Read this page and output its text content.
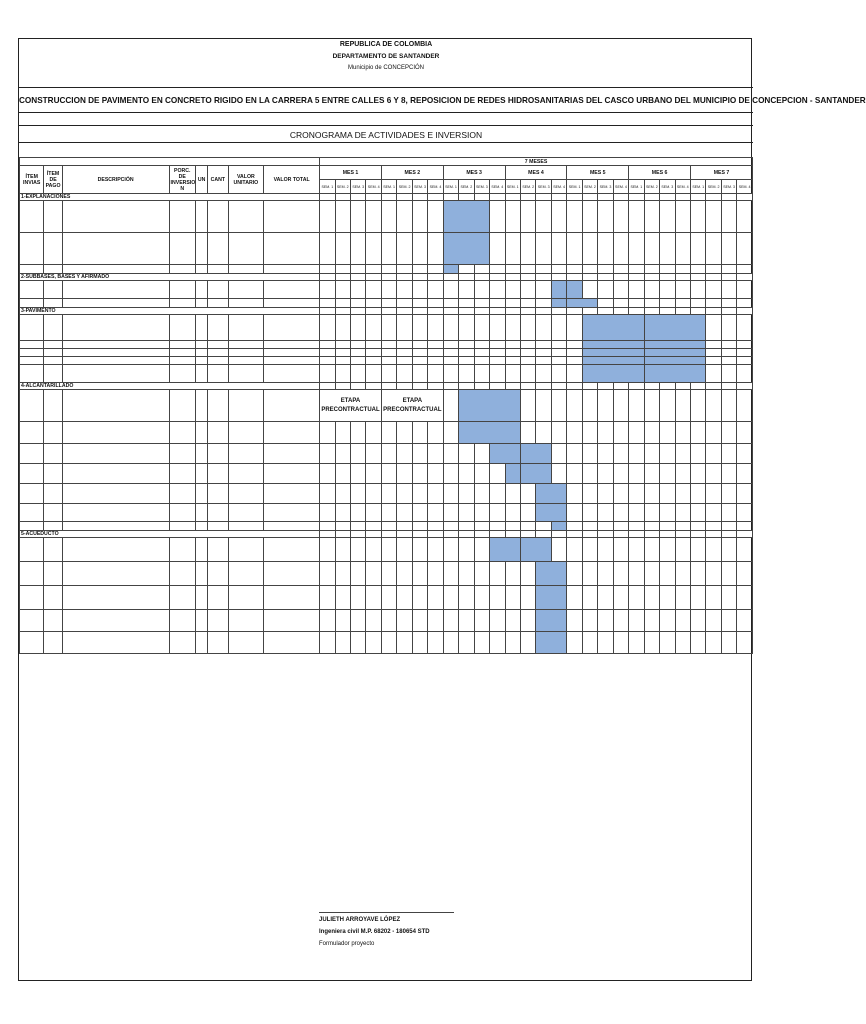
REPUBLICA DE COLOMBIA
DEPARTAMENTO DE SANTANDER
Municipio de CONCEPCIÓN
CONSTRUCCION DE PAVIMENTO EN CONCRETO RIGIDO EN LA CARRERA 5 ENTRE CALLES 6 Y 8, REPOSICION DE REDES HIDROSANITARIAS DEL CASCO URBANO DEL MUNICIPIO DE CONCEPCION - SANTANDER
CRONOGRAMA DE ACTIVIDADES E INVERSION
								7 MESES																											
ÍTEM INVIAS	ÍTEM DE PAGO	DESCRIPCIÓN	PORC. DE INVERSIO N	UN	CANT	VALOR UNITARIO	VALOR TOTAL	MES 1				MES 2				MES 3				MES 4				MES 5				MES 6				MES 7			
								SEM. 1	SEM. 2	SEM. 3	SEM. 4	SEM. 1	SEM. 2	SEM. 3	SEM. 4	SEM. 1	SEM. 2	SEM. 3	SEM. 4	SEM. 1	SEM. 2	SEM. 3	SEM. 4	SEM. 1	SEM. 2	SEM. 3	SEM. 4	SEM. 1	SEM. 2	SEM. 3	SEM. 4	SEM. 1	SEM. 2	SEM. 3	SEM. 4
1-EXPLANACIONES																																			

2-SUBBASES, BASES Y AFIRMADO																																			

3-PAVIMENTO																																			

4-ALCANTARILLADO																																			
								ETAPA PRECONTRACTUAL				ETAPA PRECONTRACTUAL																							

5-ACUEDUCTO																																			

JULIETH ARROYAVE LÓPEZ
Ingeniera civil M.P. 68202 - 180654 STD
Formulador proyecto
